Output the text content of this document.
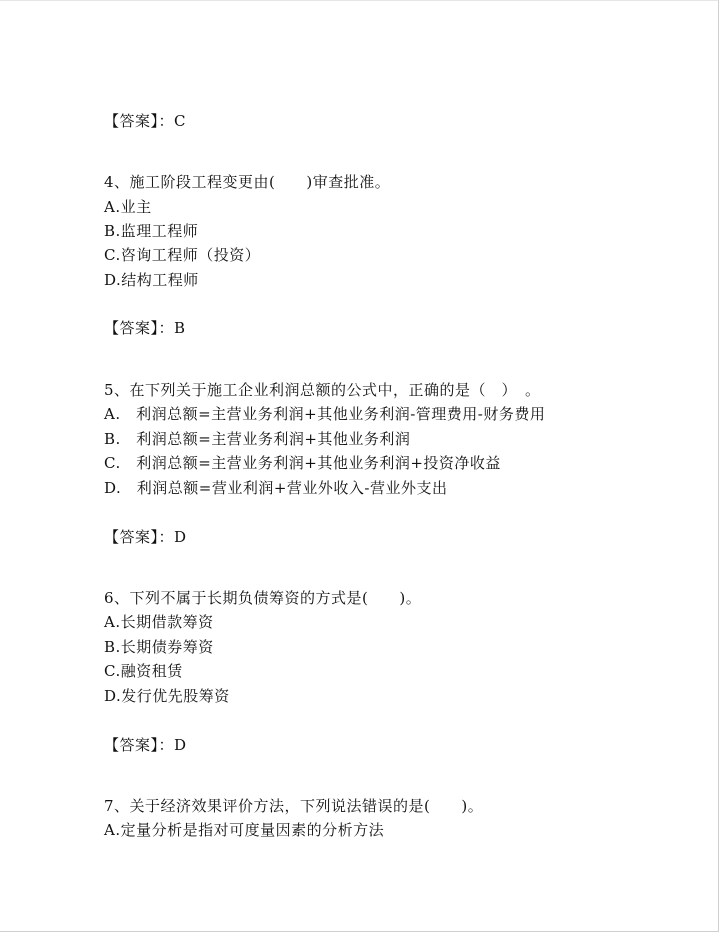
【答案】：C
4、施工阶段工程变更由(　　)审查批准。
A.业主
B.监理工程师
C.咨询工程师（投资）
D.结构工程师
【答案】：B
5、在下列关于施工企业利润总额的公式中，正确的是（　）　。
A.　利润总额=主营业务利润+其他业务利润-管理费用-财务费用
B.　利润总额=主营业务利润+其他业务利润
C.　利润总额=主营业务利润+其他业务利润+投资净收益
D.　利润总额=营业利润+营业外收入-营业外支出
【答案】：D
6、下列不属于长期负债筹资的方式是(　　)。
A.长期借款筹资
B.长期债券筹资
C.融资租赁
D.发行优先股筹资
【答案】：D
7、关于经济效果评价方法，下列说法错误的是(　　)。
A.定量分析是指对可度量因素的分析方法
